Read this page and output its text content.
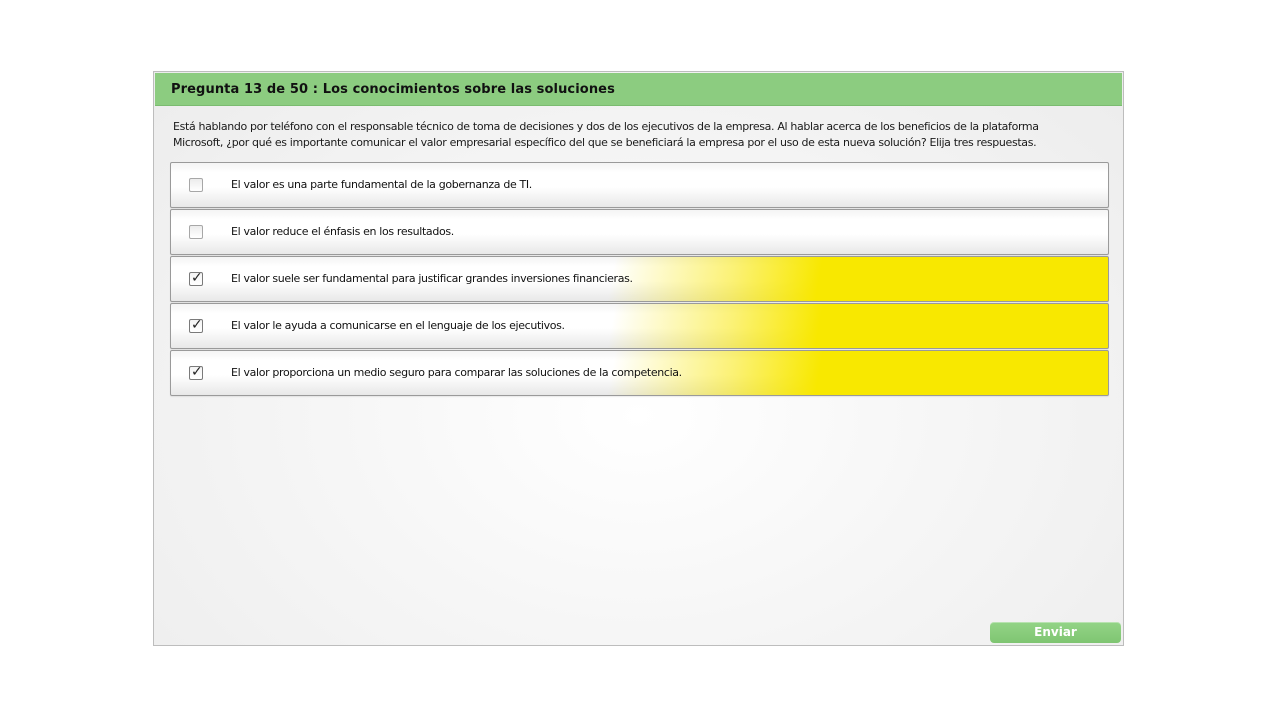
Pregunta 13 de 50 : Los conocimientos sobre las soluciones
Está hablando por teléfono con el responsable técnico de toma de decisiones y dos de los ejecutivos de la empresa. Al hablar acerca de los beneficios de la plataforma
Microsoft, ¿por qué es importante comunicar el valor empresarial específico del que se beneficiará la empresa por el uso de esta nueva solución? Elija tres respuestas.
El valor es una parte fundamental de la gobernanza de TI.
El valor reduce el énfasis en los resultados.
✓	El valor suele ser fundamental para justificar grandes inversiones financieras.
✓	El valor le ayuda a comunicarse en el lenguaje de los ejecutivos.
✓	El valor proporciona un medio seguro para comparar las soluciones de la competencia.
Enviar
